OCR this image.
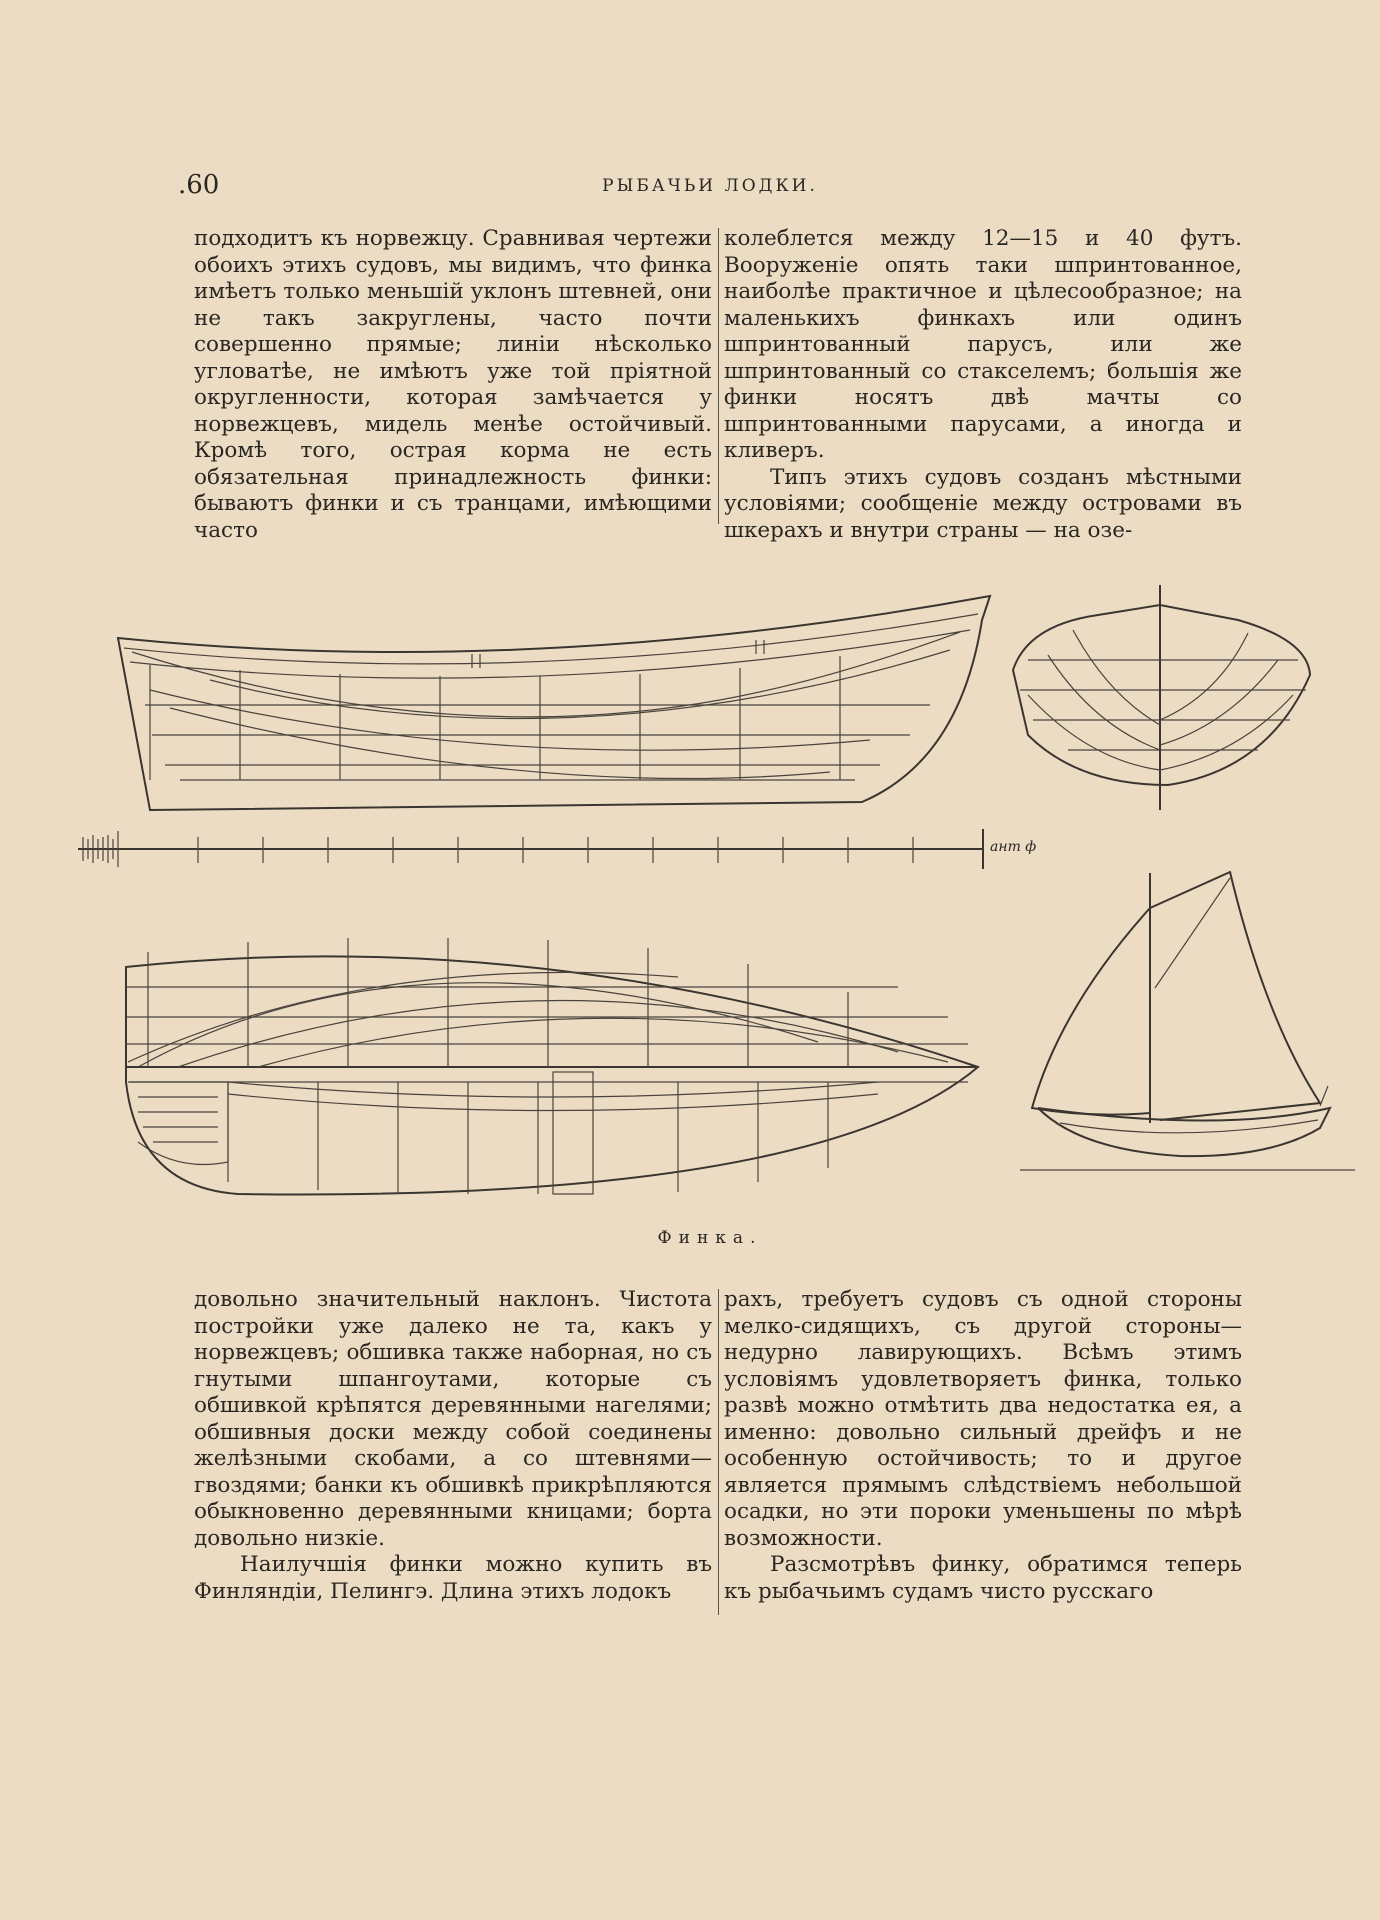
.60	РЫБАЧЬИ ЛОДКИ.

подходитъ къ норвежцу. Сравнивая чертежи обоихъ этихъ судовъ, мы видимъ, что финка имѣетъ только меньшій уклонъ штевней, они не такъ закруглены, часто почти совершенно прямые; линіи нѣсколько угловатѣе, не имѣютъ уже той пріятной округленности, которая замѣчается у норвежцевъ, мидель менѣе остойчивый. Кромѣ того, острая корма не есть обязательная принадлежность финки: бываютъ финки и съ транцами, имѣющими часто

колеблется между 12—15 и 40 футъ. Вооруженіе опять таки шпринтованное, наиболѣе практичное и цѣлесообразное; на маленькихъ финкахъ или одинъ шпринтованный парусъ, или же шпринтованный со стакселемъ; большія же финки носятъ двѣ мачты со шпринтованными парусами, а иногда и кливеръ.

Типъ этихъ судовъ созданъ мѣстными условіями; сообщеніе между островами въ шкерахъ и внутри страны — на озе-

ант ф
Финка.

довольно значительный наклонъ. Чистота постройки уже далеко не та, какъ у норвежцевъ; обшивка также наборная, но съ гнутыми шпангоутами, которые съ обшивкой крѣпятся деревянными нагелями; обшивныя доски между собой соединены желѣзными скобами, а со штевнями—гвоздями; банки къ обшивкѣ прикрѣпляются обыкновенно деревянными кницами; борта довольно низкіе.

Наилучшія финки можно купить въ Финляндіи, Пелингэ. Длина этихъ лодокъ

рахъ, требуетъ судовъ съ одной стороны мелко-сидящихъ, съ другой стороны—недурно лавирующихъ. Всѣмъ этимъ условіямъ удовлетворяетъ финка, только развѣ можно отмѣтить два недостатка ея, а именно: довольно сильный дрейфъ и не особенную остойчивость; то и другое является прямымъ слѣдствіемъ небольшой осадки, но эти пороки уменьшены по мѣрѣ возможности.

Разсмотрѣвъ финку, обратимся теперь къ рыбачьимъ судамъ чисто русскаго
